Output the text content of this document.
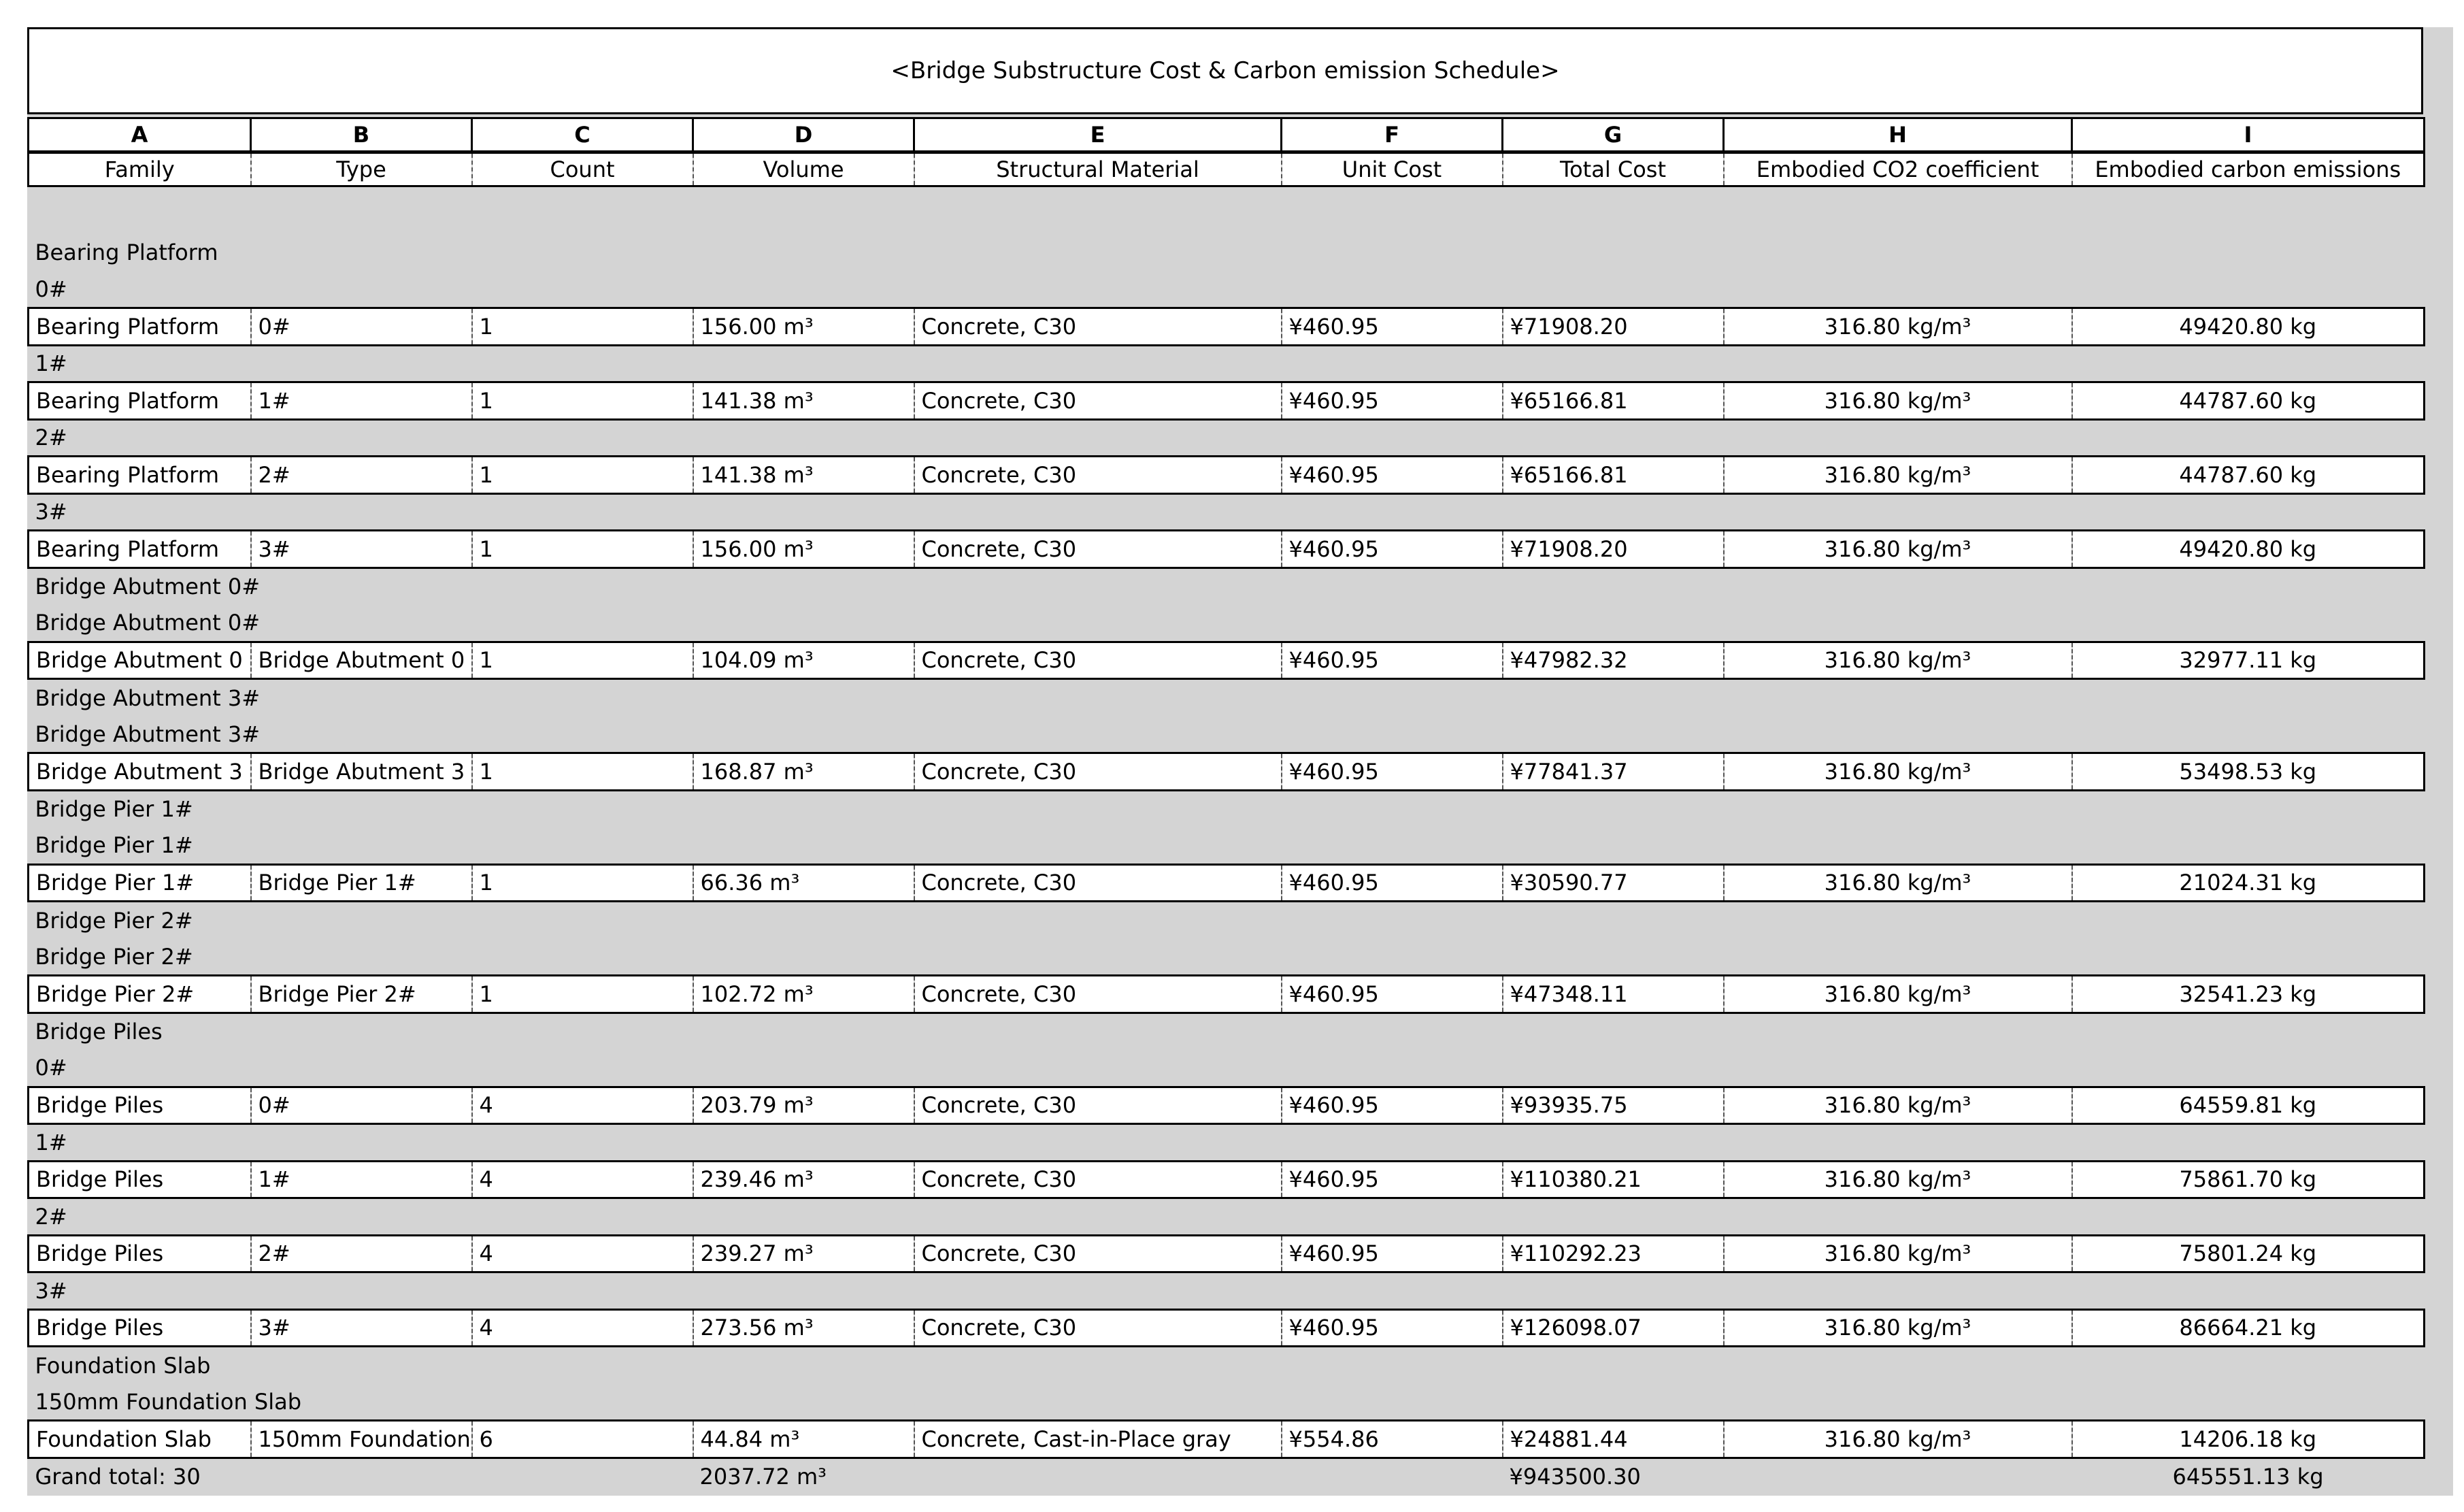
<Bridge Substructure Cost & Carbon emission Schedule>
A	B	C	D	E	F	G	H	I
Family	Type	Count	Volume	Structural Material	Unit Cost	Total Cost	Embodied CO2 coefficient	Embodied carbon emissions

Bearing Platform								
0#								
Bearing Platform	0#	1	156.00 m³	Concrete, C30	¥460.95	¥71908.20	316.80 kg/m³	49420.80 kg
1#								
Bearing Platform	1#	1	141.38 m³	Concrete, C30	¥460.95	¥65166.81	316.80 kg/m³	44787.60 kg
2#								
Bearing Platform	2#	1	141.38 m³	Concrete, C30	¥460.95	¥65166.81	316.80 kg/m³	44787.60 kg
3#								
Bearing Platform	3#	1	156.00 m³	Concrete, C30	¥460.95	¥71908.20	316.80 kg/m³	49420.80 kg
Bridge Abutment 0#								
Bridge Abutment 0#								
Bridge Abutment 0	Bridge Abutment 0	1	104.09 m³	Concrete, C30	¥460.95	¥47982.32	316.80 kg/m³	32977.11 kg
Bridge Abutment 3#								
Bridge Abutment 3#								
Bridge Abutment 3	Bridge Abutment 3	1	168.87 m³	Concrete, C30	¥460.95	¥77841.37	316.80 kg/m³	53498.53 kg
Bridge Pier 1#								
Bridge Pier 1#								
Bridge Pier 1#	Bridge Pier 1#	1	66.36 m³	Concrete, C30	¥460.95	¥30590.77	316.80 kg/m³	21024.31 kg
Bridge Pier 2#								
Bridge Pier 2#								
Bridge Pier 2#	Bridge Pier 2#	1	102.72 m³	Concrete, C30	¥460.95	¥47348.11	316.80 kg/m³	32541.23 kg
Bridge Piles								
0#								
Bridge Piles	0#	4	203.79 m³	Concrete, C30	¥460.95	¥93935.75	316.80 kg/m³	64559.81 kg
1#								
Bridge Piles	1#	4	239.46 m³	Concrete, C30	¥460.95	¥110380.21	316.80 kg/m³	75861.70 kg
2#								
Bridge Piles	2#	4	239.27 m³	Concrete, C30	¥460.95	¥110292.23	316.80 kg/m³	75801.24 kg
3#								
Bridge Piles	3#	4	273.56 m³	Concrete, C30	¥460.95	¥126098.07	316.80 kg/m³	86664.21 kg
Foundation Slab								
150mm Foundation Slab								
Foundation Slab	150mm Foundation	6	44.84 m³	Concrete, Cast-in-Place gray	¥554.86	¥24881.44	316.80 kg/m³	14206.18 kg
Grand total: 30			2037.72 m³			¥943500.30		645551.13 kg
